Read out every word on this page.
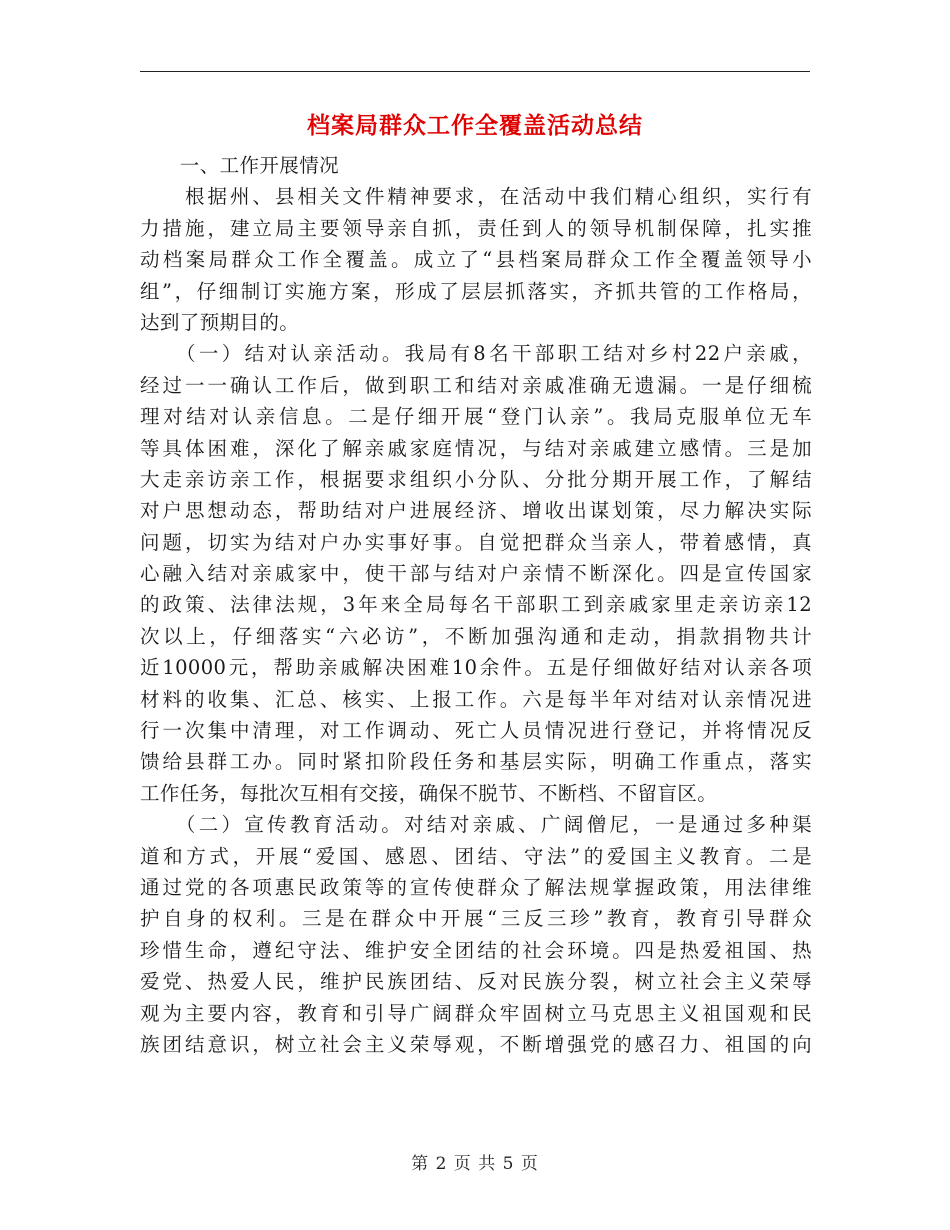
档案局群众工作全覆盖活动总结
　　一、工作开展情况
　　根据州、县相关文件精神要求，在活动中我们精心组织，实行有
力措施，建立局主要领导亲自抓，责任到人的领导机制保障，扎实推
动档案局群众工作全覆盖。成立了“县档案局群众工作全覆盖领导小
组”，仔细制订实施方案，形成了层层抓落实，齐抓共管的工作格局，
达到了预期目的。
　　（一）结对认亲活动。我局有8名干部职工结对乡村22户亲戚，
经过一一确认工作后，做到职工和结对亲戚准确无遗漏。一是仔细梳
理对结对认亲信息。二是仔细开展“登门认亲”。我局克服单位无车
等具体困难，深化了解亲戚家庭情况，与结对亲戚建立感情。三是加
大走亲访亲工作，根据要求组织小分队、分批分期开展工作，了解结
对户思想动态，帮助结对户进展经济、增收出谋划策，尽力解决实际
问题，切实为结对户办实事好事。自觉把群众当亲人，带着感情，真
心融入结对亲戚家中，使干部与结对户亲情不断深化。四是宣传国家
的政策、法律法规，3年来全局每名干部职工到亲戚家里走亲访亲12
次以上，仔细落实“六必访”，不断加强沟通和走动，捐款捐物共计
近10000元，帮助亲戚解决困难10余件。五是仔细做好结对认亲各项
材料的收集、汇总、核实、上报工作。六是每半年对结对认亲情况进
行一次集中清理，对工作调动、死亡人员情况进行登记，并将情况反
馈给县群工办。同时紧扣阶段任务和基层实际，明确工作重点，落实
工作任务，每批次互相有交接，确保不脱节、不断档、不留盲区。
　　（二）宣传教育活动。对结对亲戚、广阔僧尼，一是通过多种渠
道和方式，开展“爱国、感恩、团结、守法”的爱国主义教育。二是
通过党的各项惠民政策等的宣传使群众了解法规掌握政策，用法律维
护自身的权利。三是在群众中开展“三反三珍”教育，教育引导群众
珍惜生命，遵纪守法、维护安全团结的社会环境。四是热爱祖国、热
爱党、热爱人民，维护民族团结、反对民族分裂，树立社会主义荣辱
观为主要内容，教育和引导广阔群众牢固树立马克思主义祖国观和民
族团结意识，树立社会主义荣辱观，不断增强党的感召力、祖国的向
第 2 页 共 5 页
